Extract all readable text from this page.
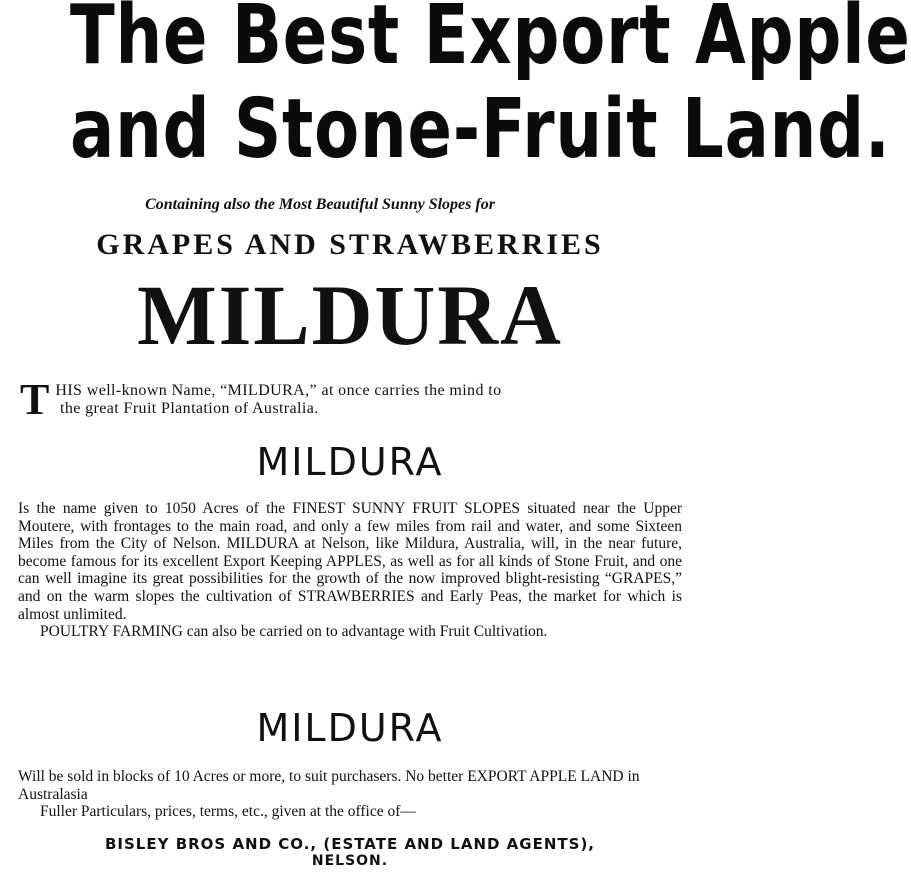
The Best Export Apple
and Stone-Fruit Land.
Containing also the Most Beautiful Sunny Slopes for
GRAPES AND STRAWBERRIES
MILDURA
T HIS well-known Name, “MILDURA,” at once carries the mind to
the great Fruit Plantation of Australia.
MILDURA

Is the name given to 1050 Acres of the FINEST SUNNY FRUIT SLOPES situated near the Upper Moutere, with frontages to the main road, and only a few miles from rail and water, and some Sixteen Miles from the City of Nelson. MILDURA at Nelson, like Mildura, Australia, will, in the near future, become famous for its excellent Export Keeping APPLES, as well as for all kinds of Stone Fruit, and one can well imagine its great possibilities for the growth of the now improved blight-resisting “GRAPES,” and on the warm slopes the cultivation of STRAWBERRIES and Early Peas, the market for which is almost unlimited.

POULTRY FARMING can also be carried on to advantage with Fruit Cultivation.

MILDURA

Will be sold in blocks of 10 Acres or more, to suit purchasers. No better EXPORT APPLE LAND in Australasia

Fuller Particulars, prices, terms, etc., given at the office of—

BISLEY BROS AND CO., (ESTATE AND LAND AGENTS),
NELSON.
